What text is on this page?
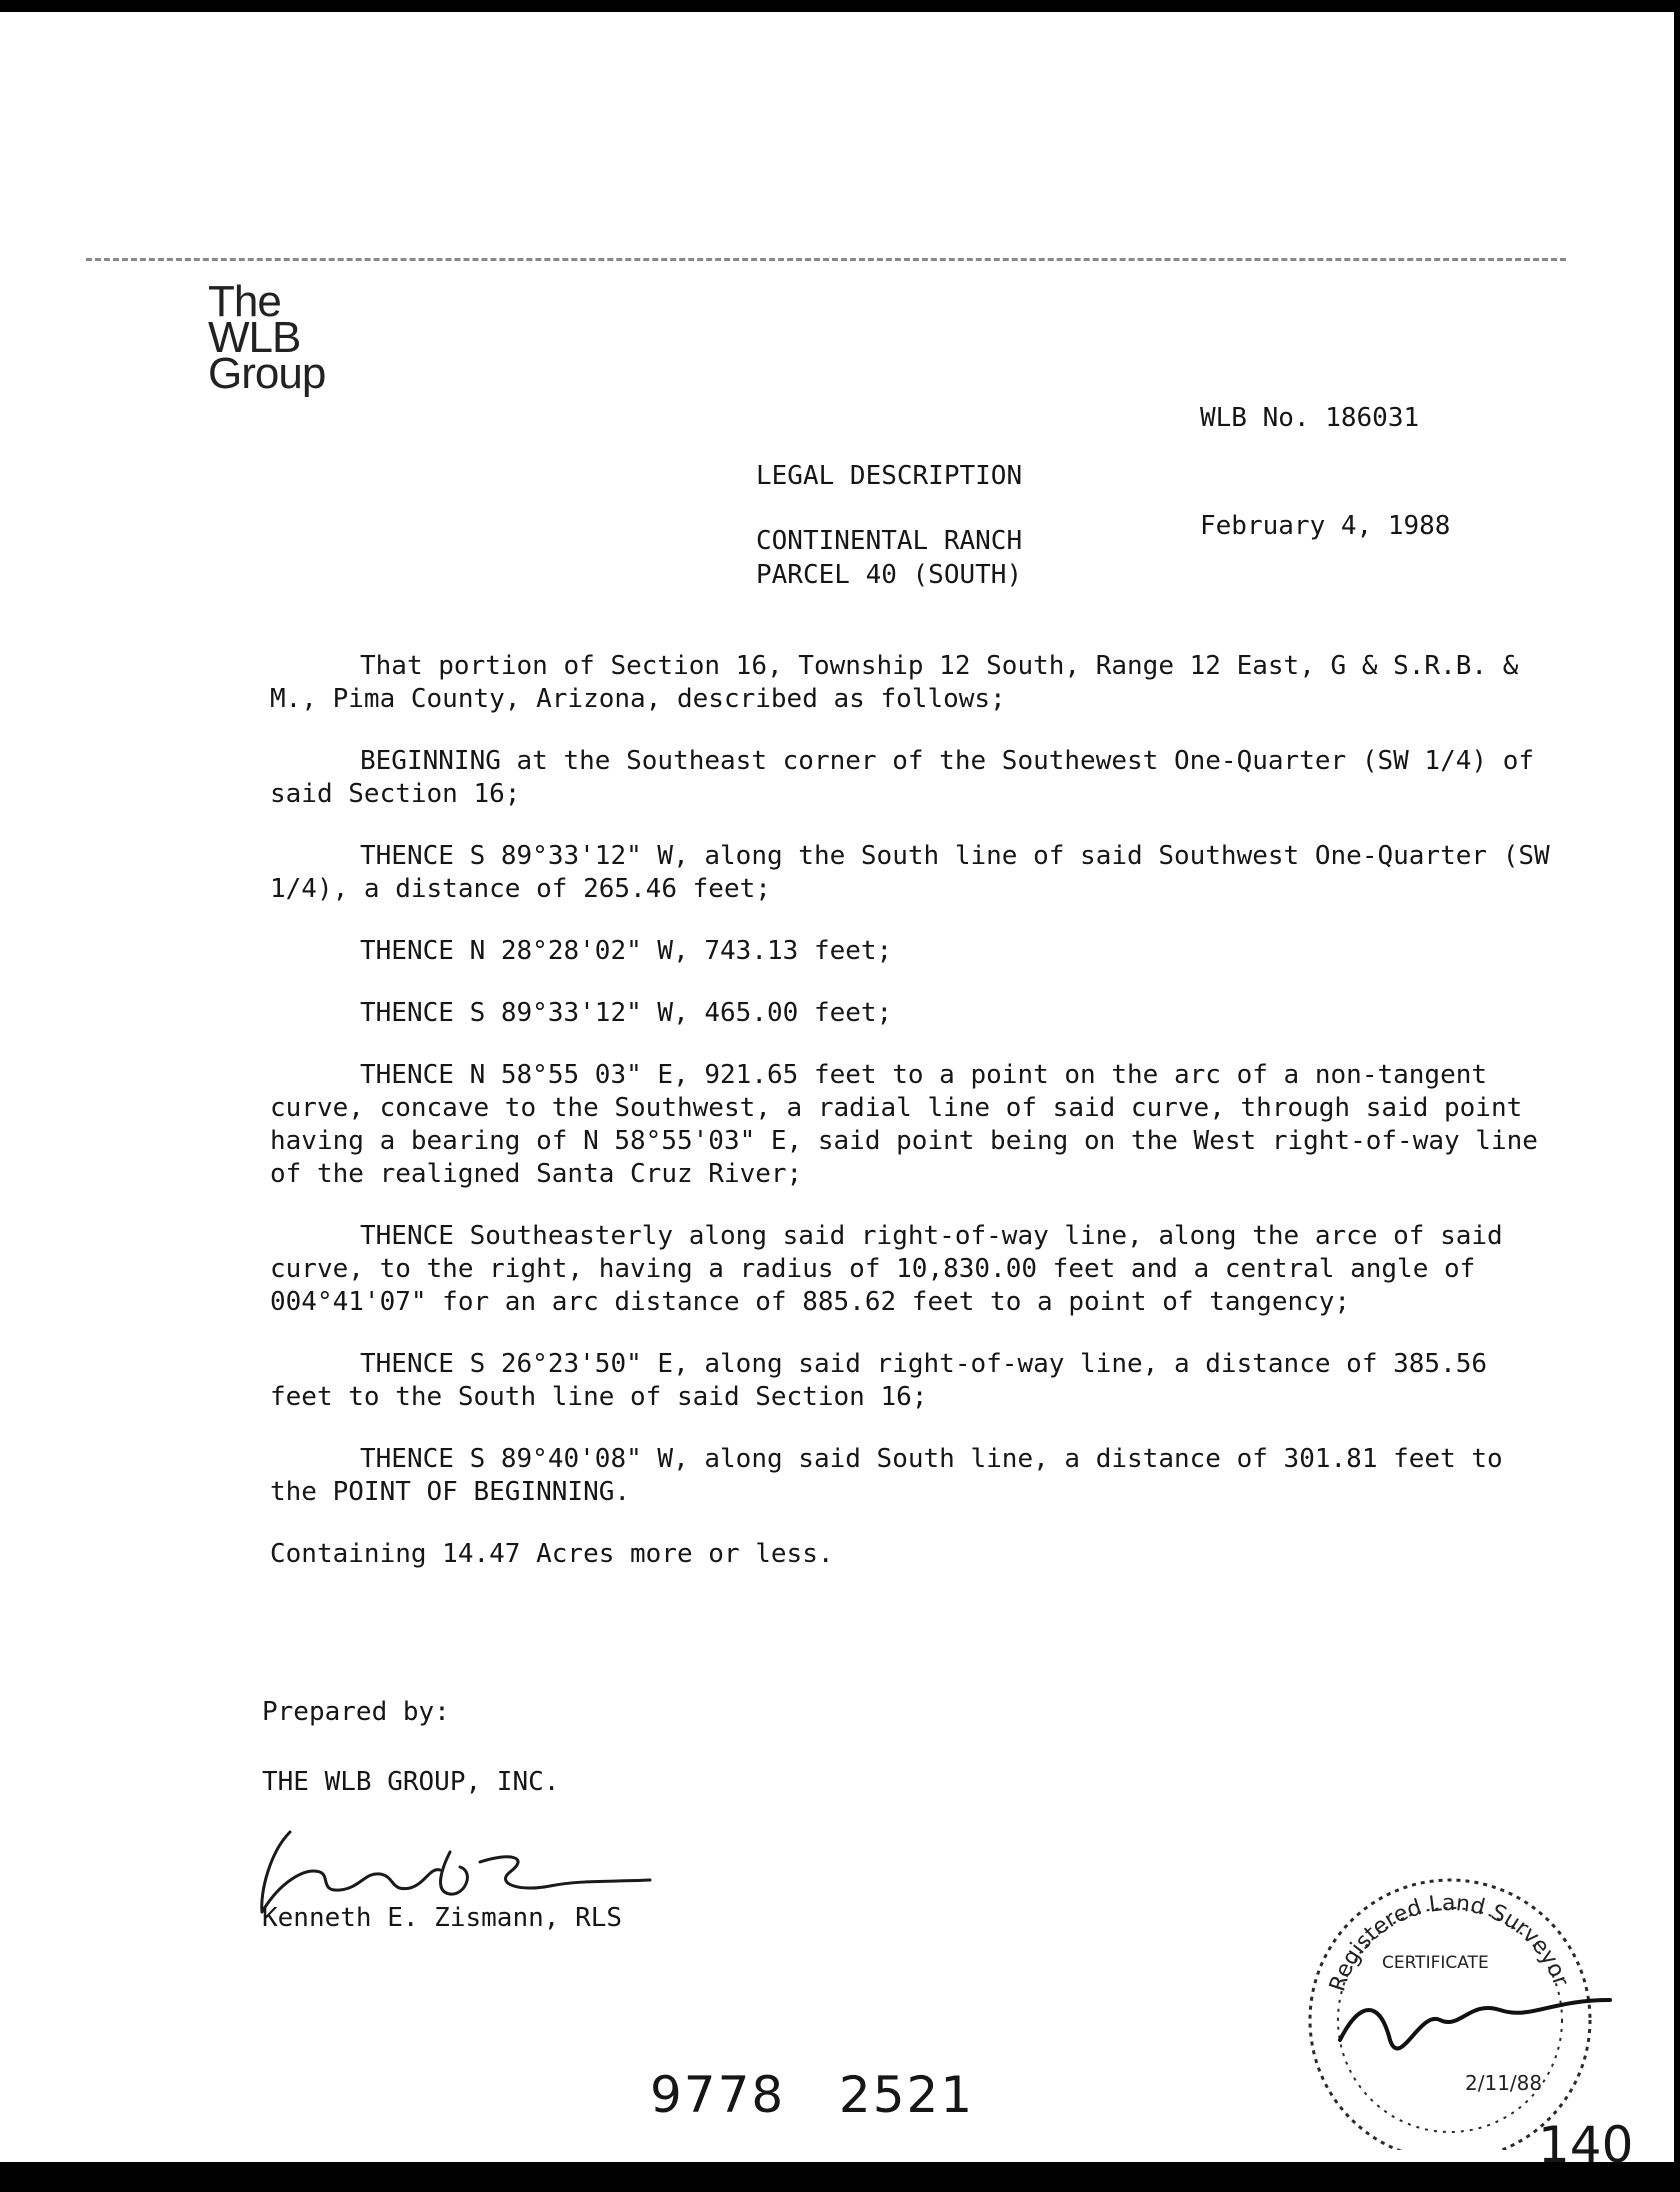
The
WLB
Group

WLB No. 186031

February 4, 1988

LEGAL DESCRIPTION
CONTINENTAL RANCH
PARCEL 40 (SOUTH)

That portion of Section 16, Township 12 South, Range 12 East, G & S.R.B. & M., Pima County, Arizona, described as follows;

BEGINNING at the Southeast corner of the Southewest One-Quarter (SW 1/4) of said Section 16;

THENCE S 89°33'12" W, along the South line of said Southwest One-Quarter (SW 1/4), a distance of 265.46 feet;

THENCE N 28°28'02" W, 743.13 feet;

THENCE S 89°33'12" W, 465.00 feet;

THENCE N 58°55 03" E, 921.65 feet to a point on the arc of a non-tangent curve, concave to the Southwest, a radial line of said curve, through said point having a bearing of N 58°55'03" E, said point being on the West right-of-way line of the realigned Santa Cruz River;

THENCE Southeasterly along said right-of-way line, along the arce of said curve, to the right, having a radius of 10,830.00 feet and a central angle of 004°41'07" for an arc distance of 885.62 feet to a point of tangency;

THENCE S 26°23'50" E, along said right-of-way line, a distance of 385.56 feet to the South line of said Section 16;

THENCE S 89°40'08" W, along said South line, a distance of 301.81 feet to the POINT OF BEGINNING.

Containing 14.47 Acres more or less.

Prepared by:
THE WLB GROUP, INC.
Kenneth E. Zismann, RLS
Registered Land Surveyor
CERTIFICATE
2/11/88
9778   2521
140
